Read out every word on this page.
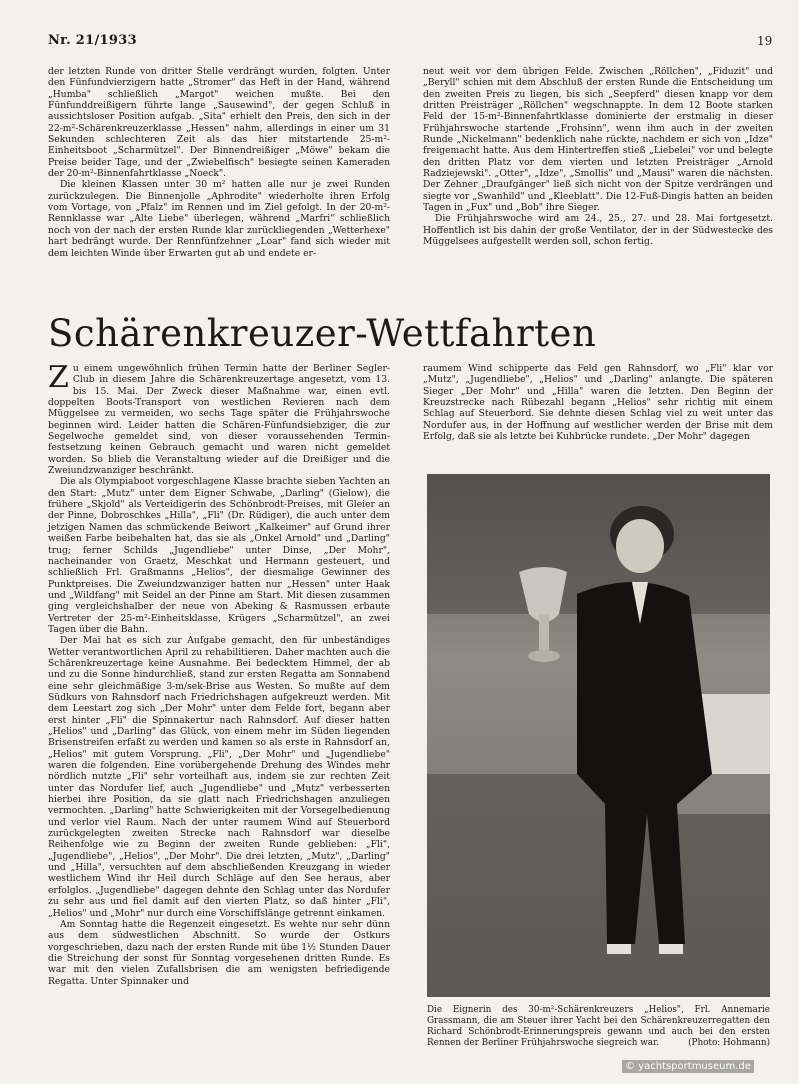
Nr. 21/1933	19

der letzten Runde von dritter Stelle verdrängt wurden, folgten. Unter den Fünfundvierzigern hatte „Stromer" das Heft in der Hand, während „Humba" schließlich „Margot" weichen mußte. Bei den Fünfunddreißigern führte lange „Sausewind", der gegen Schluß in aussichtsloser Position aufgab. „Sita" erhielt den Preis, den sich in der 22-m²-Schärenkreuzerklasse „Hessen" nahm, allerdings in einer um 31 Sekunden schlechteren Zeit als das hier mitstartende 25-m²-Einheitsboot „Scharmützel". Der Binnendreißiger „Möwe" bekam die Preise beider Tage, und der „Zwiebelfisch" besiegte seinen Kameraden der 20-m²-Binnenfahrtklasse „Noeck".

Die kleinen Klassen unter 30 m² hatten alle nur je zwei Runden zurückzulegen. Die Binnenjolle „Aphrodite" wiederholte ihren Erfolg vom Vortage, von „Pfalz" im Rennen und im Ziel gefolgt. In der 20-m²-Rennklasse war „Alte Liebe" überlegen, während „Marfri" schließlich noch von der nach der ersten Runde klar zurückliegenden „Wetterhexe" hart bedrängt wurde. Der Rennfünfzehner „Loar" fand sich wieder mit dem leichten Winde über Erwarten gut ab und endete er-

neut weit vor dem übrigen Felde. Zwischen „Röllchen", „Fiduzit" und „Beryll" schien mit dem Abschluß der ersten Runde die Entscheidung um den zweiten Preis zu liegen, bis sich „Seepferd" diesen knapp vor dem dritten Preisträger „Röllchen" wegschnappte. In dem 12 Boote starken Feld der 15-m²-Binnenfahrtklasse dominierte der erstmalig in dieser Frühjahrswoche startende „Frohsinn", wenn ihm auch in der zweiten Runde „Nickelmann" bedenklich nahe rückte, nachdem er sich von „Idze" freigemacht hatte. Aus dem Hintertreffen stieß „Liebelei" vor und belegte den dritten Platz vor dem vierten und letzten Preisträger „Arnold Radziejewski". „Otter", „Idze", „Smollis" und „Mausi" waren die nächsten. Der Zehner „Draufgänger" ließ sich nicht von der Spitze verdrängen und siegte vor „Swanhild" und „Kleeblatt". Die 12-Fuß-Dingis hatten an beiden Tagen in „Fux" und „Bob" ihre Sieger.

Die Frühjahrswoche wird am 24., 25., 27. und 28. Mai fortgesetzt. Hoffentlich ist bis dahin der große Ventilator, der in der Südwestecke des Müggelsees aufgestellt werden soll, schon fertig.

Schärenkreuzer-Wettfahrten

Zu einem ungewöhnlich frühen Termin hatte der Berliner Segler-Club in diesem Jahre die Schärenkreuzertage angesetzt, vom 13. bis 15. Mai. Der Zweck dieser Maßnahme war, einen evtl. doppelten Boots-Transport von westlichen Revieren nach dem Müggelsee zu vermeiden, wo sechs Tage später die Frühjahrswoche beginnen wird. Leider hatten die Schären-Fünfundsiebziger, die zur Segelwoche gemeldet sind, von dieser voraussehenden Terminfestsetzung keinen Gebrauch gemacht und waren nicht gemeldet worden. So blieb die Veranstaltung wieder auf die Dreißiger und die Zweiundzwanziger beschränkt.

Die als Olympiaboot vorgeschlagene Klasse brachte sieben Yachten an den Start: „Mutz" unter dem Eigner Schwabe, „Darling" (Gielow), die frühere „Skjold" als Verteidigerin des Schönbrodt-Preises, mit Gleier an der Pinne, Dobroschkes „Hilla", „Fli" (Dr. Rüdiger), die auch unter dem jetzigen Namen das schmückende Beiwort „Kalkeimer" auf Grund ihrer weißen Farbe beibehalten hat, das sie als „Onkel Arnold" und „Darling" trug; ferner Schilds „Jugendliebe" unter Dinse, „Der Mohr", nacheinander von Graetz, Meschkat und Hermann gesteuert, und schließlich Frl. Graßmanns „Helios", der diesmalige Gewinner des Punktpreises. Die Zweiundzwanziger hatten nur „Hessen" unter Haak und „Wildfang" mit Seidel an der Pinne am Start. Mit diesen zusammen ging vergleichshalber der neue von Abeking & Rasmussen erbaute Vertreter der 25-m²-Einheitsklasse, Krügers „Scharmützel", an zwei Tagen über die Bahn.

Der Mai hat es sich zur Aufgabe gemacht, den für unbeständiges Wetter verantwortlichen April zu rehabilitieren. Daher machten auch die Schärenkreuzertage keine Ausnahme. Bei bedecktem Himmel, der ab und zu die Sonne hindurchließ, stand zur ersten Regatta am Sonnabend eine sehr gleichmäßige 3-m/sek-Brise aus Westen. So mußte auf dem Südkurs von Rahnsdorf nach Friedrichshagen aufgekreuzt werden. Mit dem Leestart zog sich „Der Mohr" unter dem Felde fort, begann aber erst hinter „Fli" die Spinnakertur nach Rahnsdorf. Auf dieser hatten „Helios" und „Darling" das Glück, von einem mehr im Süden liegenden Brisenstreifen erfaßt zu werden und kamen so als erste in Rahnsdorf an, „Helios" mit gutem Vorsprung. „Fli", „Der Mohr" und „Jugendliebe" waren die folgenden. Eine vorübergehende Drehung des Windes mehr nördlich nutzte „Fli" sehr vorteilhaft aus, indem sie zur rechten Zeit unter das Nordufer lief, auch „Jugendliebe" und „Mutz" verbesserten hierbei ihre Position, da sie glatt nach Friedrichshagen anzuliegen vermochten. „Darling" hatte Schwierigkeiten mit der Vorsegelbedienung und verlor viel Raum. Nach der unter raumem Wind auf Steuerbord zurückgelegten zweiten Strecke nach Rahnsdorf war dieselbe Reihenfolge wie zu Beginn der zweiten Runde geblieben: „Fli", „Jugendliebe", „Helios", „Der Mohr". Die drei letzten, „Mutz", „Darling" und „Hilla", versuchten auf dem abschließenden Kreuzgang in wieder westlichem Wind ihr Heil durch Schläge auf den See heraus, aber erfolglos. „Jugendliebe" dagegen dehnte den Schlag unter das Nordufer zu sehr aus und fiel damit auf den vierten Platz, so daß hinter „Fli", „Helios" und „Mohr" nur durch eine Vorschiffslänge getrennt einkamen.

Am Sonntag hatte die Regenzeit eingesetzt. Es wehte nur sehr dünn aus dem südwestlichen Abschnitt. So wurde der Ostkurs vorgeschrieben, dazu nach der ersten Runde mit übe 1½ Stunden Dauer die Streichung der sonst für Sonntag vorgesehenen dritten Runde. Es war mit den vielen Zufallsbrisen die am wenigsten befriedigende Regatta. Unter Spinnaker und

raumem Wind schipperte das Feld gen Rahnsdorf, wo „Fli" klar vor „Mutz", „Jugendliebe", „Helios" und „Darling" anlangte. Die späteren Sieger „Der Mohr" und „Hilla" waren die letzten. Den Beginn der Kreuzstrecke nach Rübezahl begann „Helios" sehr richtig mit einem Schlag auf Steuerbord. Sie dehnte diesen Schlag viel zu weit unter das Nordufer aus, in der Hoffnung auf westlicher werden der Brise mit dem Erfolg, daß sie als letzte bei Kuhbrücke rundete. „Der Mohr" dagegen

Die Eignerin des 30-m²-Schärenkreuzers „Helios", Frl. Annemarie Grassmann, die am Steuer ihrer Yacht bei den Schärenkreuzerregatten den Richard Schönbrodt-Erinnerungspreis gewann und auch bei den ersten Rennen der Berliner Frühjahrswoche siegreich war.	(Photo: Hohmann)
© yachtsportmuseum.de
